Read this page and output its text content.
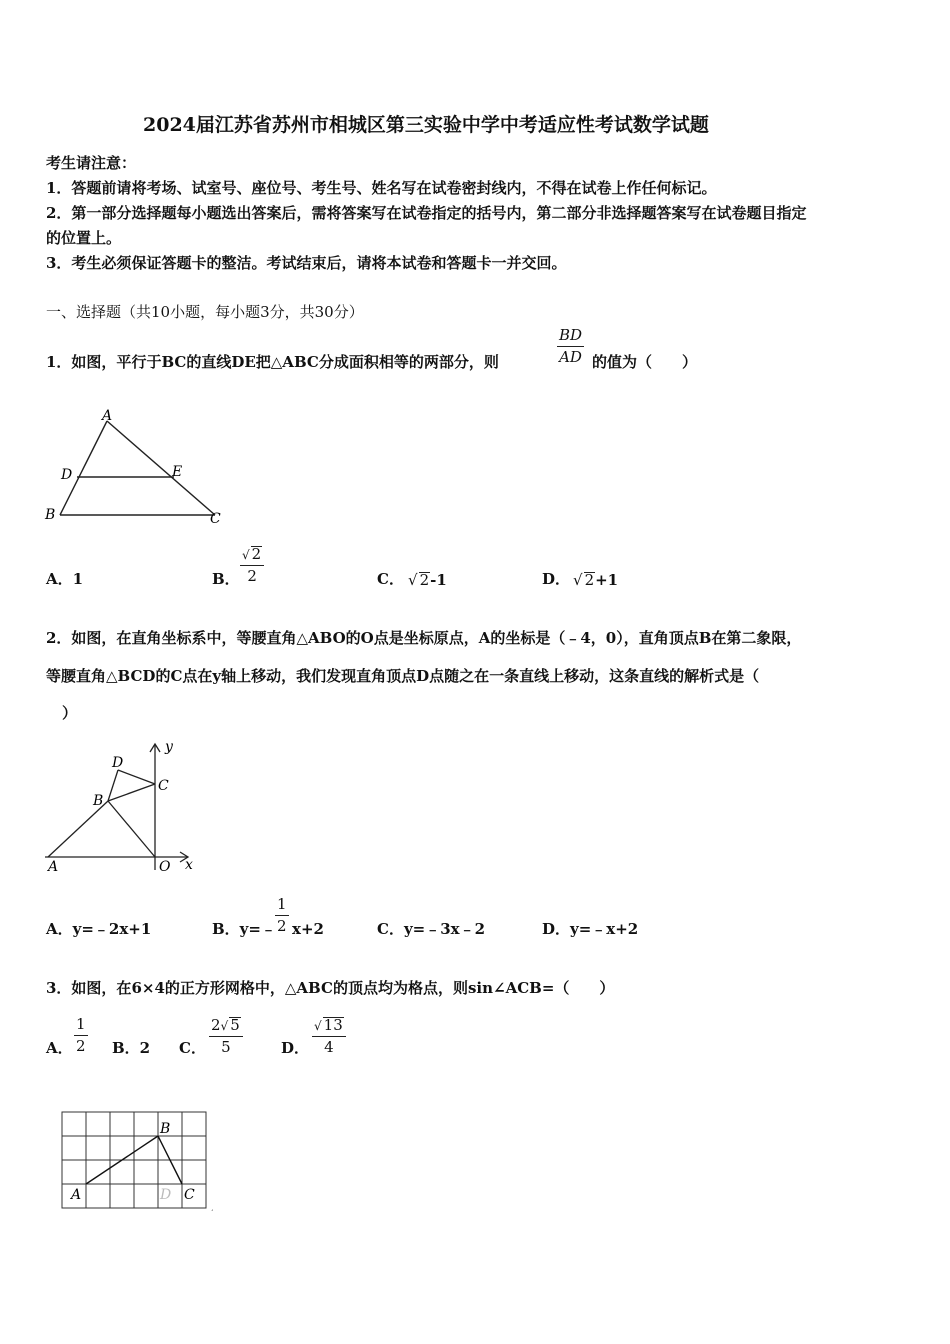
2024届江苏省苏州市相城区第三实验中学中考适应性考试数学试题
考生请注意：
1．答题前请将考场、试室号、座位号、考生号、姓名写在试卷密封线内，不得在试卷上作任何标记。
2．第一部分选择题每小题选出答案后，需将答案写在试卷指定的括号内，第二部分非选择题答案写在试卷题目指定
的位置上。
3．考生必须保证答题卡的整洁。考试结束后，请将本试卷和答题卡一并交回。
一、选择题（共10小题，每小题3分，共30分）
1．如图，平行于BC的直线DE把△ABC分成面积相等的两部分，则
BD
AD 的值为（　　）
A
D	E
B	C
A．1	B．
√ 2
2	C． √ 2-1	D． √ 2+1
2．如图，在直角坐标系中，等腰直角△ABO的O点是坐标原点，A的坐标是（﹣4，0），直角顶点B在第二象限，
等腰直角△BCD的C点在y轴上移动，我们发现直角顶点D点随之在一条直线上移动，这条直线的解析式是（
）
D
B
C
y
A	O x
A．y=﹣2x+1	B．y=﹣
1
2 x+2	C．y=﹣3x﹣2	D．y=﹣x+2
3．如图，在6×4的正方形网格中，△ABC的顶点均为格点，则sin∠ACB=（　　）
A．
1
2 B．2 C．
2√ 5
5	D．
√ 13
4
A
B
D C
،
